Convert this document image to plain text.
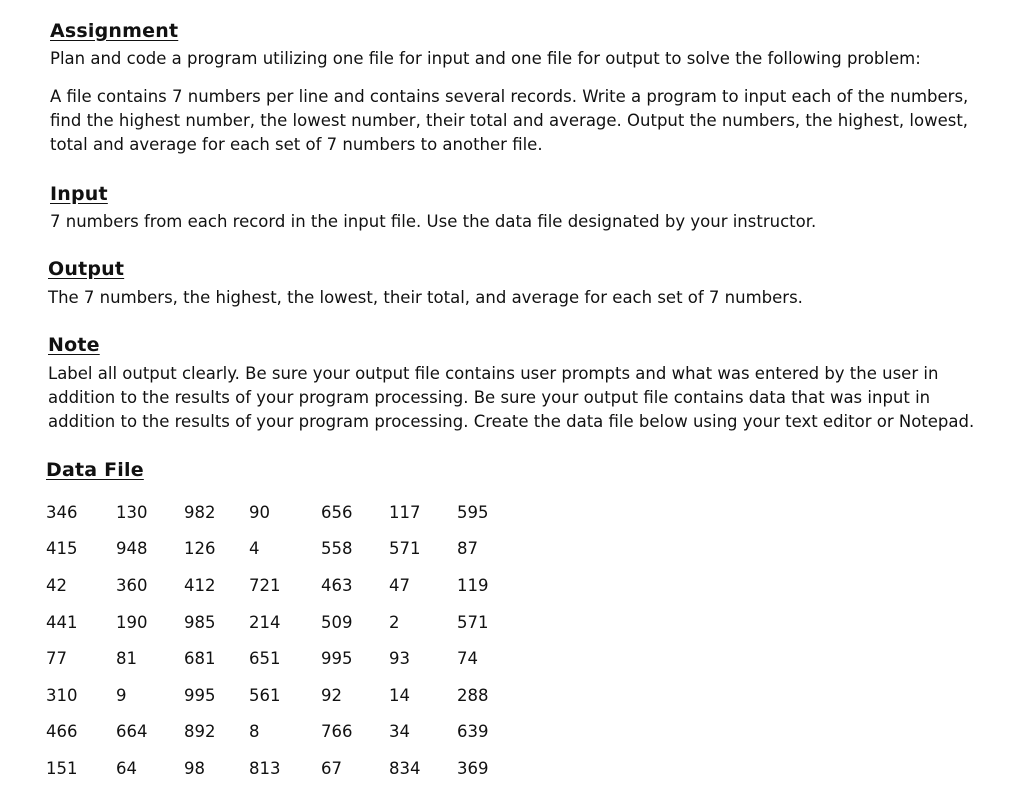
Assignment
Plan and code a program utilizing one file for input and one file for output to solve the following problem:
A file contains 7 numbers per line and contains several records. Write a program to input each of the numbers,
find the highest number, the lowest number, their total and average. Output the numbers, the highest, lowest,
total and average for each set of 7 numbers to another file.
Input
7 numbers from each record in the input file. Use the data file designated by your instructor.
Output
The 7 numbers, the highest, the lowest, their total, and average for each set of 7 numbers.
Note
Label all output clearly. Be sure your output file contains user prompts and what was entered by the user in
addition to the results of your program processing. Be sure your output file contains data that was input in
addition to the results of your program processing. Create the data file below using your text editor or Notepad.
Data File
346	130	982	90	656	117	595
415	948	126	4	558	571	87
42	360	412	721	463	47	119
441	190	985	214	509	2	571
77	81	681	651	995	93	74
310	9	995	561	92	14	288
466	664	892	8	766	34	639
151	64	98	813	67	834	369
